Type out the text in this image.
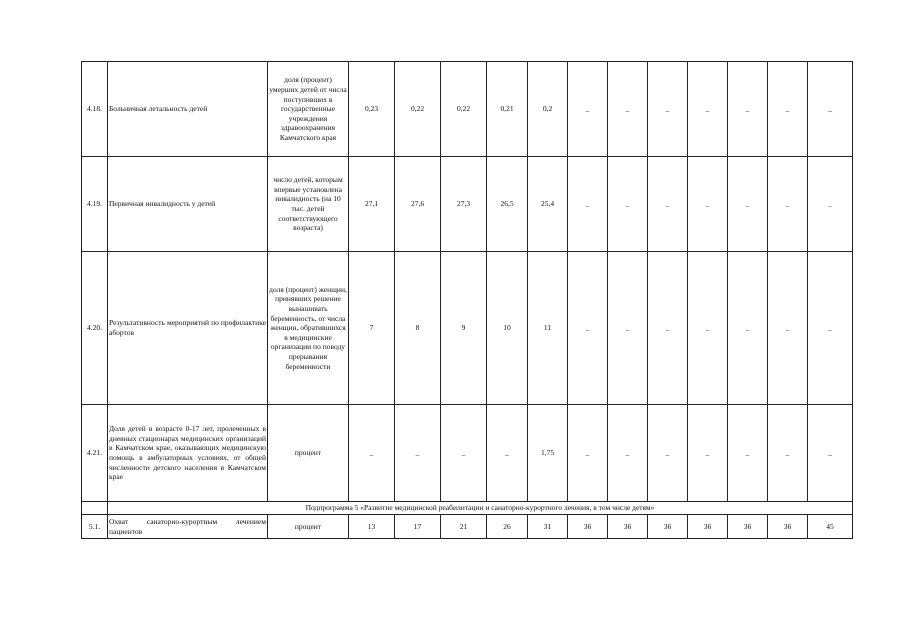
4.18.	Больничная летальность детей	доля (процент) умерших детей от числа поступивших в государственные учреждения здравоохранения Камчатского края	0,23	0,22	0,22	0,21	0,2	_	_	_	_	_	_	_
4.19.	Первичная инвалидность у детей	число детей, которым впервые установлена инвалидность (на 10 тыс. детей соответствующего возраста)	27,1	27,6	27,3	26,5	25,4	_	_	_	_	_	_	_
4.20.	Результативность мероприятий по профилактике абортов	доля (процент) женщин, принявших решение вынашивать беременность, от числа женщин, обратившихся в медицинские организации по поводу прерывания беременности	7	8	9	10	11	_	_	_	_	_	_	_
4.21.	Доля детей в возрасте 0-17 лет, пролеченных в дневных стационарах медицинских организаций в Камчатском крае, оказывающих медицинскую помощь в амбулаторных условиях, от общей численности детского населения в Камчатском крае	процент	_	_	_	_	1,75	_	_	_	_	_	_	_
	Подпрограмма 5 «Развитие медицинской реабилитации и санаторно-курортного лечения, в том числе детям»													
5.1.	Охват санаторно-курортным лечением пациентов	процент	13	17	21	26	31	36	36	36	36	36	36	45
